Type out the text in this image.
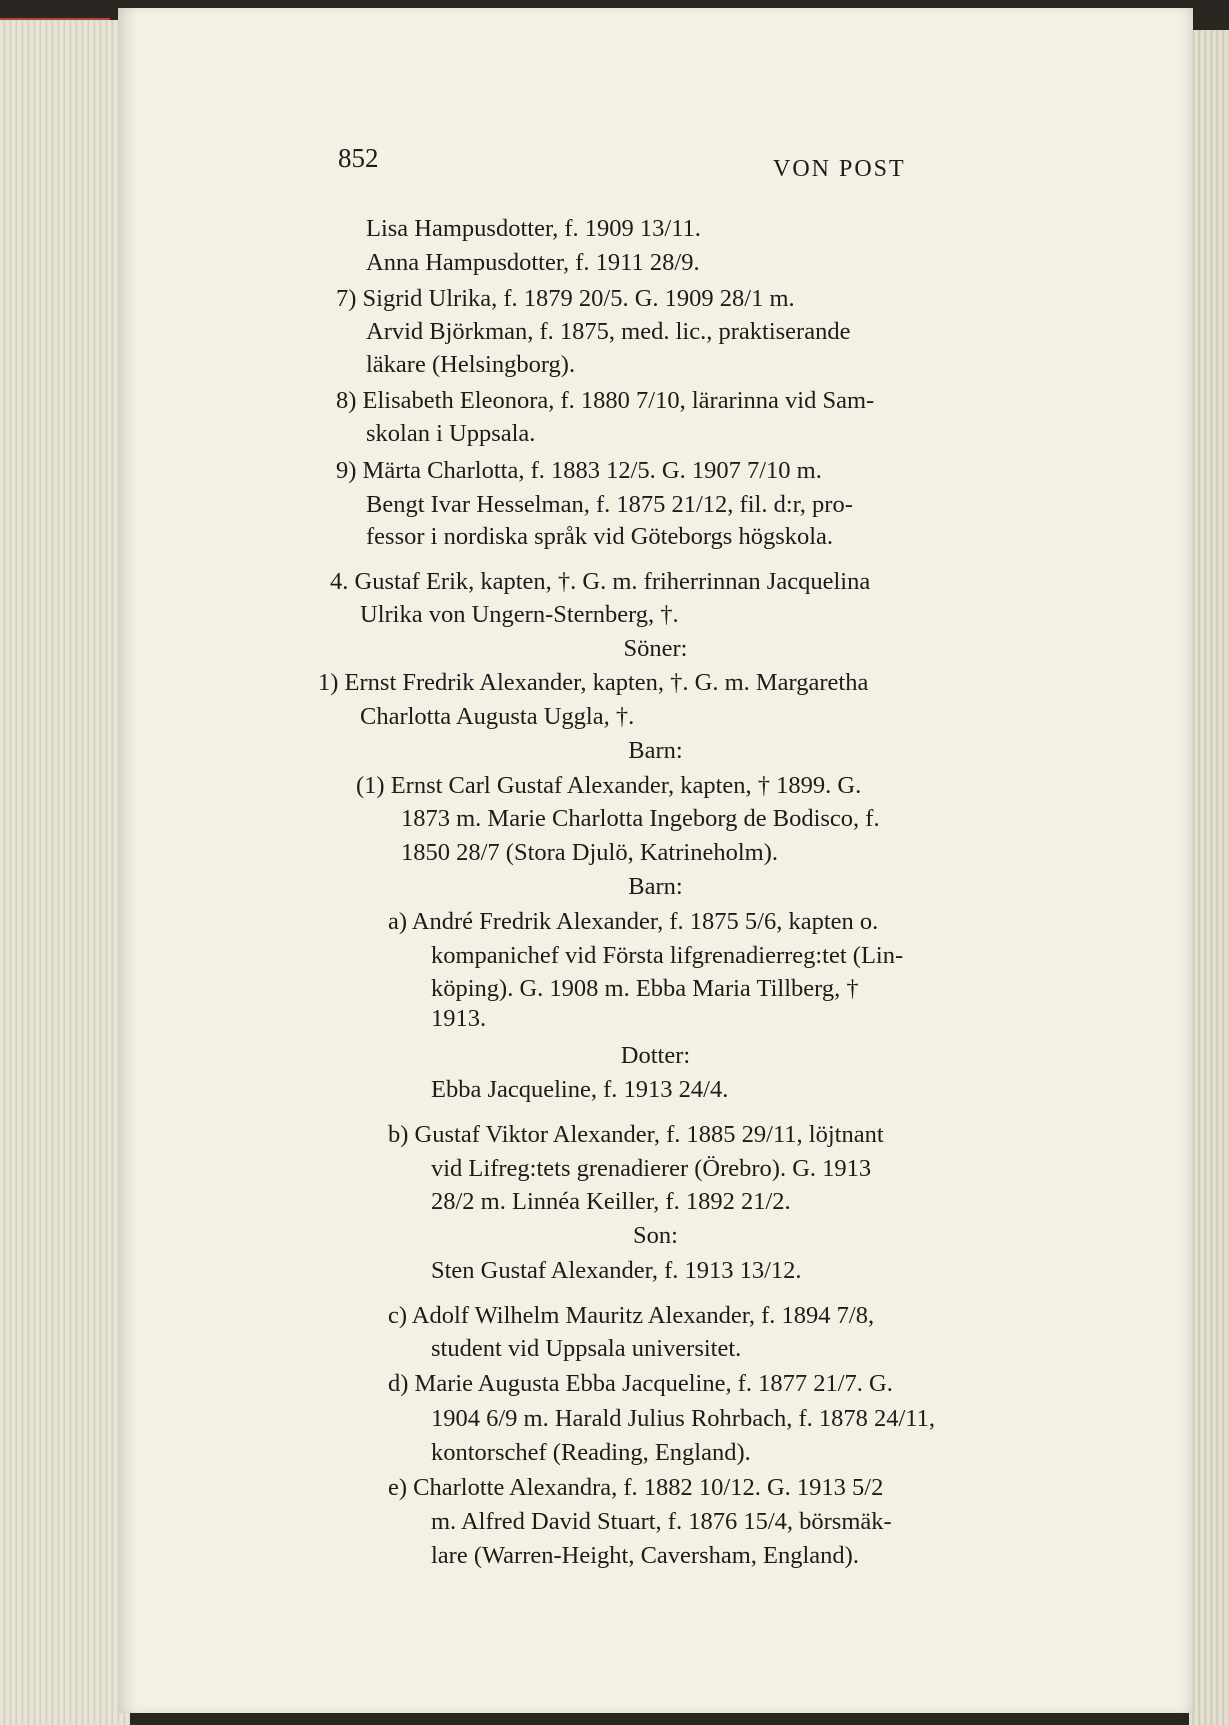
852	VON POST
Lisa Hampusdotter, f. 1909 13/11.
Anna Hampusdotter, f. 1911 28/9.
7) Sigrid Ulrika, f. 1879 20/5. G. 1909 28/1 m.
Arvid Björkman, f. 1875, med. lic., praktiserande
läkare (Helsingborg).
8) Elisabeth Eleonora, f. 1880 7/10, lärarinna vid Sam-
skolan i Uppsala.
9) Märta Charlotta, f. 1883 12/5. G. 1907 7/10 m.
Bengt Ivar Hesselman, f. 1875 21/12, fil. d:r, pro-
fessor i nordiska språk vid Göteborgs högskola.
4. Gustaf Erik, kapten, †. G. m. friherrinnan Jacquelina
Ulrika von Ungern-Sternberg, †.
Söner:
1) Ernst Fredrik Alexander, kapten, †. G. m. Margaretha
Charlotta Augusta Uggla, †.
Barn:
(1) Ernst Carl Gustaf Alexander, kapten, † 1899. G.
1873 m. Marie Charlotta Ingeborg de Bodisco, f.
1850 28/7 (Stora Djulö, Katrineholm).
Barn:
a) André Fredrik Alexander, f. 1875 5/6, kapten o.
kompanichef vid Första lifgrenadierreg:tet (Lin-
köping). G. 1908 m. Ebba Maria Tillberg, †
1913.
Dotter:
Ebba Jacqueline, f. 1913 24/4.
b) Gustaf Viktor Alexander, f. 1885 29/11, löjtnant
vid Lifreg:tets grenadierer (Örebro). G. 1913
28/2 m. Linnéa Keiller, f. 1892 21/2.
Son:
Sten Gustaf Alexander, f. 1913 13/12.
c) Adolf Wilhelm Mauritz Alexander, f. 1894 7/8,
student vid Uppsala universitet.
d) Marie Augusta Ebba Jacqueline, f. 1877 21/7. G.
1904 6/9 m. Harald Julius Rohrbach, f. 1878 24/11,
kontorschef (Reading, England).
e) Charlotte Alexandra, f. 1882 10/12. G. 1913 5/2
m. Alfred David Stuart, f. 1876 15/4, börsmäk-
lare (Warren-Height, Caversham, England).
